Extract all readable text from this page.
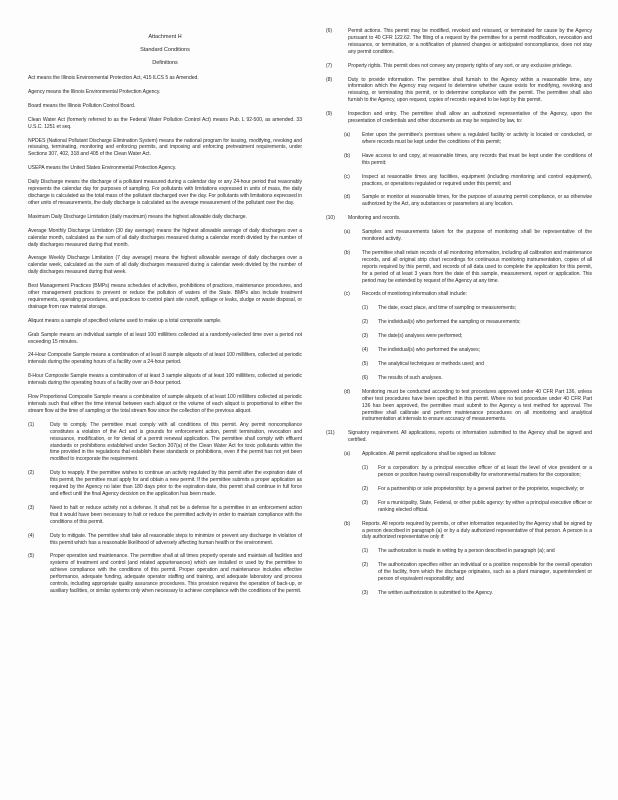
Attachment H

Standard Conditions

Definitions

Act means the Illinois Environmental Protection Act, 415 ILCS 5 as Amended.
Agency means the Illinois Environmental Protection Agency.
Board means the Illinois Pollution Control Board.
Clean Water Act (formerly referred to as the Federal Water Pollution Control Act) means Pub. L 92-500, as amended. 33 U.S.C. 1251 et seq.
NPDES (National Pollutant Discharge Elimination System) means the national program for issuing, modifying, revoking and reissuing, terminating, monitoring and enforcing permits, and imposing and enforcing pretreatment requirements, under Sections 307, 402, 318 and 405 of the Clean Water Act.
USEPA means the United States Environmental Protection Agency.
Daily Discharge means the discharge of a pollutant measured during a calendar day or any 24-hour period that reasonably represents the calendar day for purposes of sampling. For pollutants with limitations expressed in units of mass, the daily discharge is calculated as the total mass of the pollutant discharged over the day. For pollutants with limitations expressed in other units of measurements, the daily discharge is calculated as the average measurement of the pollutant over the day.
Maximum Daily Discharge Limitation (daily maximum) means the highest allowable daily discharge.
Average Monthly Discharge Limitation (30 day average) means the highest allowable average of daily discharges over a calendar month, calculated as the sum of all daily discharges measured during a calendar month divided by the number of daily discharges measured during that month.
Average Weekly Discharge Limitation (7 day average) means the highest allowable average of daily discharges over a calendar week, calculated as the sum of all daily discharges measured during a calendar week divided by the number of daily discharges measured during that week.
Best Management Practices (BMPs) means schedules of activities, prohibitions of practices, maintenance procedures, and other management practices to prevent or reduce the pollution of waters of the State. BMPs also include treatment requirements, operating procedures, and practices to control plant site runoff, spillage or leaks, sludge or waste disposal, or drainage from raw material storage.
Aliquot means a sample of specified volume used to make up a total composite sample.
Grab Sample means an individual sample of at least 100 milliliters collected at a randomly-selected time over a period not exceeding 15 minutes.
24-Hour Composite Sample means a combination of at least 8 sample aliquots of at least 100 milliliters, collected at periodic intervals during the operating hours of a facility over a 24-hour period.
8-Hour Composite Sample means a combination of at least 3 sample aliquots of at least 100 milliliters, collected at periodic intervals during the operating hours of a facility over an 8-hour period.
Flow Proportional Composite Sample means a combination of sample aliquots of at least 100 milliliters collected at periodic intervals such that either the time interval between each aliquot or the volume of each aliquot is proportional to either the stream flow at the time of sampling or the total stream flow since the collection of the previous aliquot.
(1)	Duty to comply. The permittee must comply with all conditions of this permit. Any permit noncompliance constitutes a violation of the Act and is grounds for enforcement action, permit termination, revocation and reissuance, modification, or for denial of a permit renewal application. The permittee shall comply with effluent standards or prohibitions established under Section 307(a) of the Clean Water Act for toxic pollutants within the time provided in the regulations that establish these standards or prohibitions, even if the permit has not yet been modified to incorporate the requirement.
(2)	Duty to reapply. If the permittee wishes to continue an activity regulated by this permit after the expiration date of this permit, the permittee must apply for and obtain a new permit. If the permittee submits a proper application as required by the Agency no later than 180 days prior to the expiration date, this permit shall continue in full force and effect until the final Agency decision on the application has been made.
(3)	Need to halt or reduce activity not a defense. It shall not be a defense for a permittee in an enforcement action that it would have been necessary to halt or reduce the permitted activity in order to maintain compliance with the conditions of this permit.
(4)	Duty to mitigate. The permittee shall take all reasonable steps to minimize or prevent any discharge in violation of this permit which has a reasonable likelihood of adversely affecting human health or the environment.
(5)	Proper operation and maintenance. The permittee shall at all times properly operate and maintain all facilities and systems of treatment and control (and related appurtenances) which are installed or used by the permittee to achieve compliance with the conditions of this permit. Proper operation and maintenance includes effective performance, adequate funding, adequate operator staffing and training, and adequate laboratory and process controls, including appropriate quality assurance procedures. This provision requires the operation of back-up, or auxiliary facilities, or similar systems only when necessary to achieve compliance with the conditions of the permit.
(6)	Permit actions. This permit may be modified, revoked and reissued, or terminated for cause by the Agency pursuant to 40 CFR 122.62. The filing of a request by the permittee for a permit modification, revocation and reissuance, or termination, or a notification of planned changes or anticipated noncompliance, does not stay any permit condition.
(7)	Property rights. This permit does not convey any property rights of any sort, or any exclusive privilege.
(8)	Duty to provide information. The permittee shall furnish to the Agency within a reasonable time, any information which the Agency may request to determine whether cause exists for modifying, revoking and reissuing, or terminating this permit, or to determine compliance with the permit. The permittee shall also furnish to the Agency, upon request, copies of records required to be kept by this permit.
(9)	Inspection and entry. The permittee shall allow an authorized representative of the Agency, upon the presentation of credentials and other documents as may be required by law, to:
(a) Enter upon the permittee's premises where a regulated facility or activity is located or conducted, or where records must be kept under the conditions of this permit;
(b) Have access to and copy, at reasonable times, any records that must be kept under the conditions of this permit;
(c) Inspect at reasonable times any facilities, equipment (including monitoring and control equipment), practices, or operations regulated or required under this permit; and
(d) Sample or monitor at reasonable times, for the purpose of assuring permit compliance, or as otherwise authorized by the Act, any substances or parameters at any location.
(10)	Monitoring and records.
(a) Samples and measurements taken for the purpose of monitoring shall be representative of the monitored activity.
(b) The permittee shall retain records of all monitoring information, including all calibration and maintenance records, and all original strip chart recordings for continuous monitoring instrumentation, copies of all reports required by this permit, and records of all data used to complete the application for this permit, for a period of at least 3 years from the date of this sample, measurement, report or application. This period may be extended by request of the Agency at any time.
(c) Records of monitoring information shall include:
(1) The date, exact place, and time of sampling or measurements;
(2) The individual(s) who performed the sampling or measurements;
(3) The date(s) analyses were performed;
(4) The individual(s) who performed the analyses;
(5) The analytical techniques or methods used; and
(6) The results of such analyses.
(d) Monitoring must be conducted according to test procedures approved under 40 CFR Part 136, unless other test procedures have been specified in this permit. Where no test procedure under 40 CFR Part 136 has been approved, the permittee must submit to the Agency a test method for approval. The permittee shall calibrate and perform maintenance procedures on all monitoring and analytical instrumentation at intervals to ensure accuracy of measurements.
(11)	Signatory requirement. All applications, reports or information submitted to the Agency shall be signed and certified.
(a) Application. All permit applications shall be signed as follows:
(1) For a corporation: by a principal executive officer of at least the level of vice president or a person or position having overall responsibility for environmental matters for the corporation;
(2) For a partnership or sole proprietorship: by a general partner or the proprietor, respectively; or
(3) For a municipality, State, Federal, or other public agency: by either a principal executive officer or ranking elected official.
(b) Reports. All reports required by permits, or other information requested by the Agency shall be signed by a person described in paragraph (a) or by a duly authorized representative of that person. A person is a duly authorized representative only if:
(1) The authorization is made in writing by a person described in paragraph (a); and
(2) The authorization specifies either an individual or a position responsible for the overall operation of the facility, from which the discharge originates, such as a plant manager, superintendent or person of equivalent responsibility; and
(3) The written authorization is submitted to the Agency.
